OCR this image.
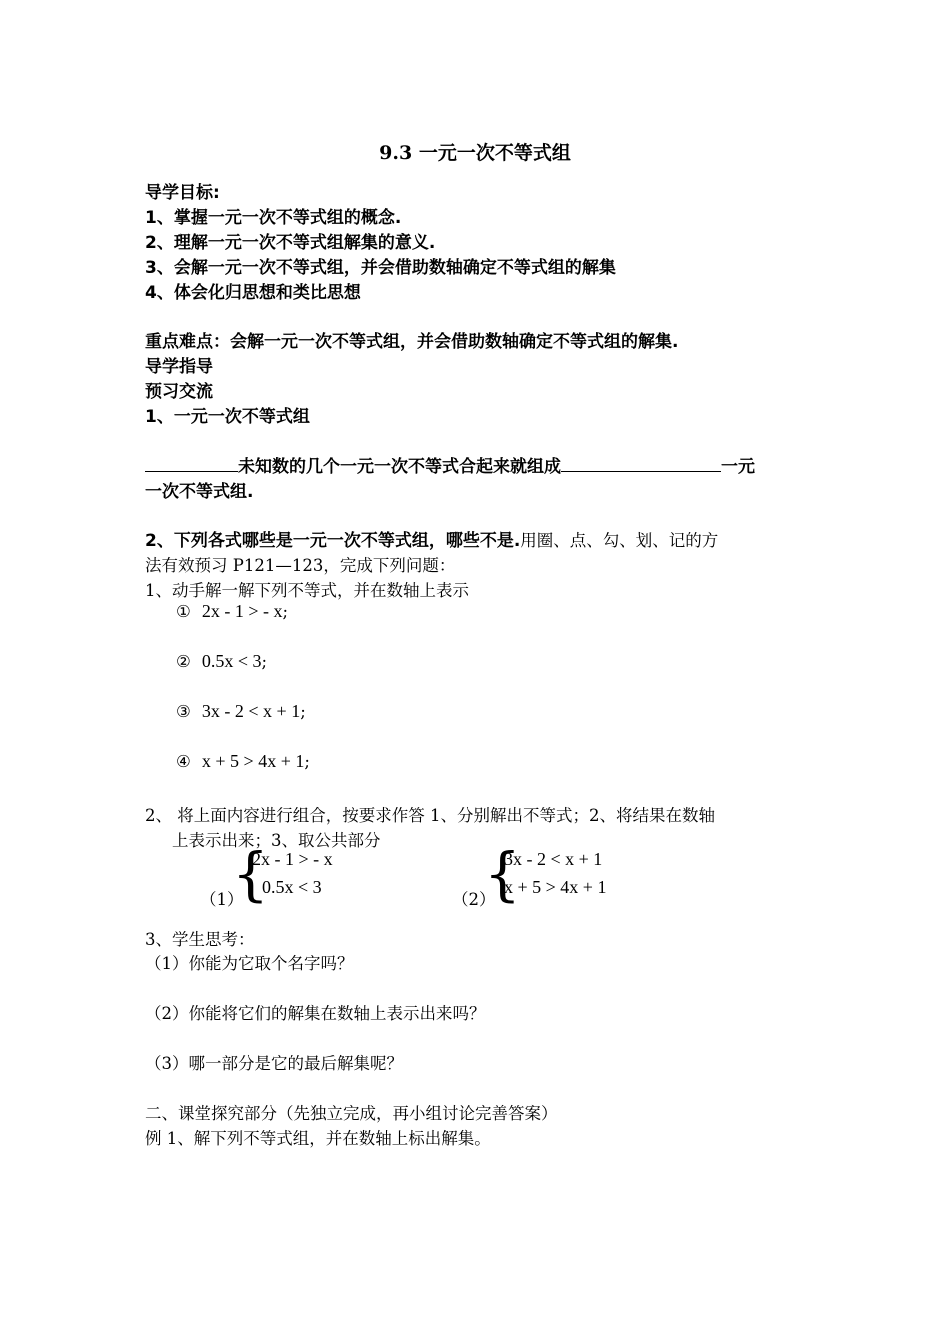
9.3 一元一次不等式组
导学目标:
1、掌握一元一次不等式组的概念.
2、理解一元一次不等式组解集的意义.
3、会解一元一次不等式组，并会借助数轴确定不等式组的解集
4、体会化归思想和类比思想
重点难点：会解一元一次不等式组，并会借助数轴确定不等式组的解集.
导学指导
预习交流
1、一元一次不等式组
未知数的几个一元一次不等式合起来就组成	一元
一次不等式组.
2、下列各式哪些是一元一次不等式组，哪些不是.用圈、点、勾、划、记的方
法有效预习 P121—123，完成下列问题：
1、动手解一解下列不等式，并在数轴上表示
① 2x - 1 > - x;
② 0.5x < 3;
③ 3x - 2 < x + 1;
④ x + 5 > 4x + 1;
2、 将上面内容进行组合，按要求作答 1、分别解出不等式；2、将结果在数轴
上表示出来；3、取公共部分
（1）
{
2x - 1 > - x
0.5x < 3
（2）
{
3x - 2 < x + 1
x + 5 > 4x + 1
3、学生思考：
（1）你能为它取个名字吗？
（2）你能将它们的解集在数轴上表示出来吗？
（3）哪一部分是它的最后解集呢？
二、课堂探究部分（先独立完成，再小组讨论完善答案）
例 1、解下列不等式组，并在数轴上标出解集。
